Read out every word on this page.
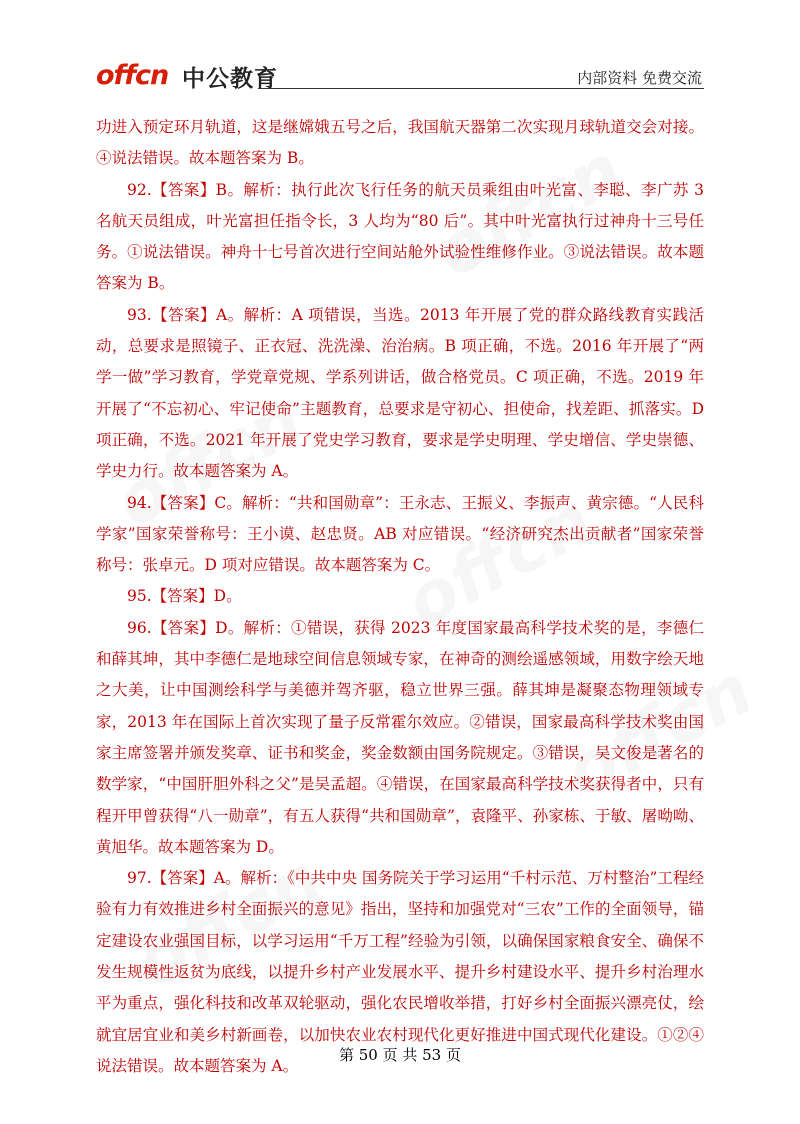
offcn 中公教育	内部资料 免费交流

功进入预定环月轨道，这是继嫦娥五号之后，我国航天器第二次实现月球轨道交会对接。④说法错误。故本题答案为 B。

92.【答案】B。解析：执行此次飞行任务的航天员乘组由叶光富、李聪、李广苏 3 名航天员组成，叶光富担任指令长，3 人均为“80 后”。其中叶光富执行过神舟十三号任务。①说法错误。神舟十七号首次进行空间站舱外试验性维修作业。③说法错误。故本题答案为 B。

93.【答案】A。解析：A 项错误，当选。2013 年开展了党的群众路线教育实践活动，总要求是照镜子、正衣冠、洗洗澡、治治病。B 项正确，不选。2016 年开展了“两学一做”学习教育，学党章党规、学系列讲话，做合格党员。C 项正确，不选。2019 年开展了“不忘初心、牢记使命”主题教育，总要求是守初心、担使命，找差距、抓落实。D 项正确，不选。2021 年开展了党史学习教育，要求是学史明理、学史增信、学史崇德、学史力行。故本题答案为 A。

94.【答案】C。解析：“共和国勋章”：王永志、王振义、李振声、黄宗德。“人民科学家”国家荣誉称号：王小谟、赵忠贤。AB 对应错误。“经济研究杰出贡献者”国家荣誉称号：张卓元。D 项对应错误。故本题答案为 C。

95.【答案】D。

96.【答案】D。解析：①错误，获得 2023 年度国家最高科学技术奖的是，李德仁和薛其坤，其中李德仁是地球空间信息领域专家，在神奇的测绘遥感领域，用数字绘天地之大美，让中国测绘科学与美德并驾齐驱，稳立世界三强。薛其坤是凝聚态物理领域专家，2013 年在国际上首次实现了量子反常霍尔效应。②错误，国家最高科学技术奖由国家主席签署并颁发奖章、证书和奖金，奖金数额由国务院规定。③错误，吴文俊是著名的数学家，“中国肝胆外科之父”是吴孟超。④错误，在国家最高科学技术奖获得者中，只有程开甲曾获得“八一勋章”，有五人获得“共和国勋章”，袁隆平、孙家栋、于敏、屠呦呦、黄旭华。故本题答案为 D。

97.【答案】A。解析：《中共中央 国务院关于学习运用“千村示范、万村整治”工程经验有力有效推进乡村全面振兴的意见》指出，坚持和加强党对“三农”工作的全面领导，锚定建设农业强国目标，以学习运用“千万工程”经验为引领，以确保国家粮食安全、确保不发生规模性返贫为底线，以提升乡村产业发展水平、提升乡村建设水平、提升乡村治理水平为重点，强化科技和改革双轮驱动，强化农民增收举措，打好乡村全面振兴漂亮仗，绘就宜居宜业和美乡村新画卷，以加快农业农村现代化更好推进中国式现代化建设。①②④说法错误。故本题答案为 A。

第 50 页 共 53 页
